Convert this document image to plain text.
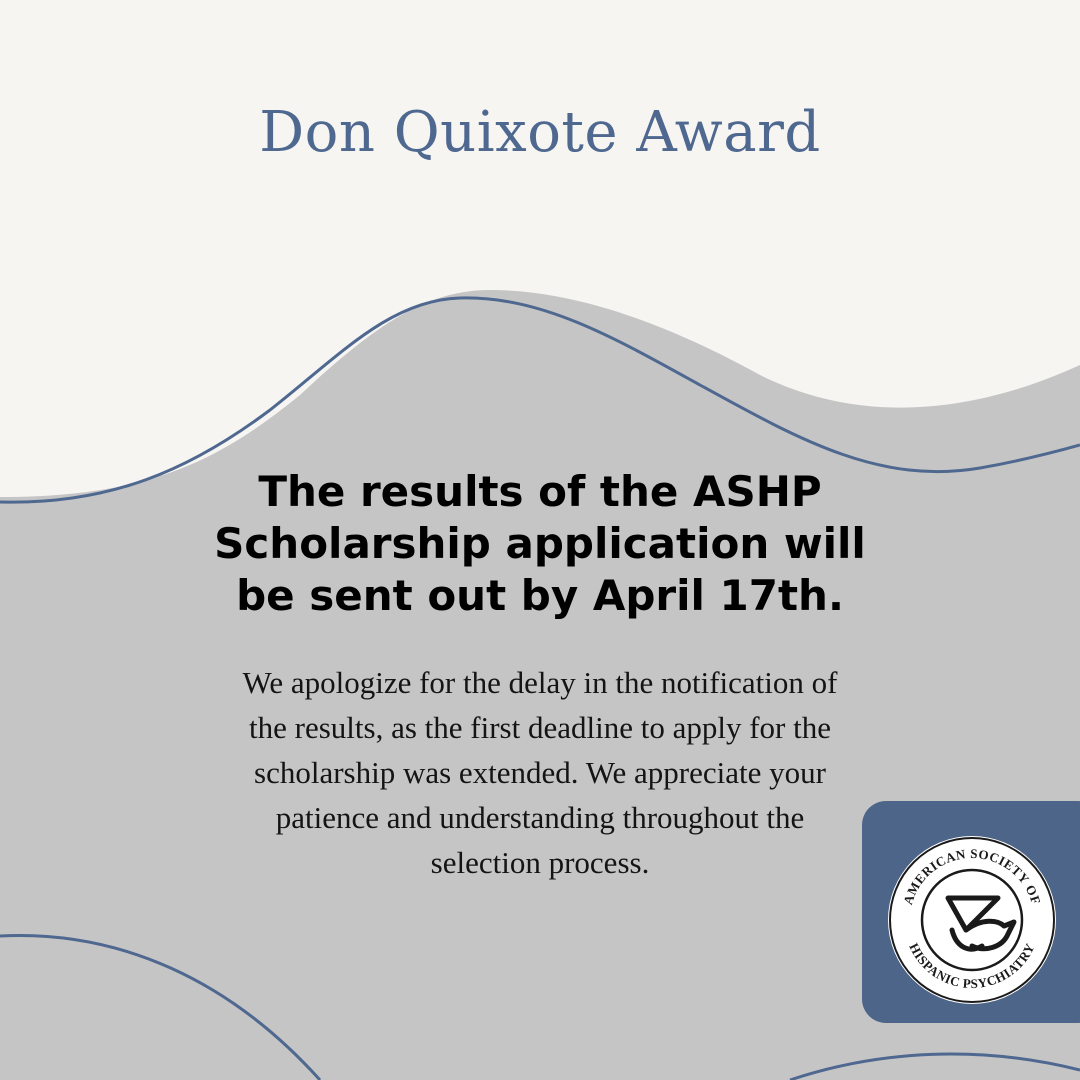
Don Quixote Award
The results of the ASHP
Scholarship application will
be sent out by April 17th.
We apologize for the delay in the notification of
the results, as the first deadline to apply for the
scholarship was extended. We appreciate your
patience and understanding throughout the
selection process.
AMERICAN SOCIETY OF
HISPANIC PSYCHIATRY
